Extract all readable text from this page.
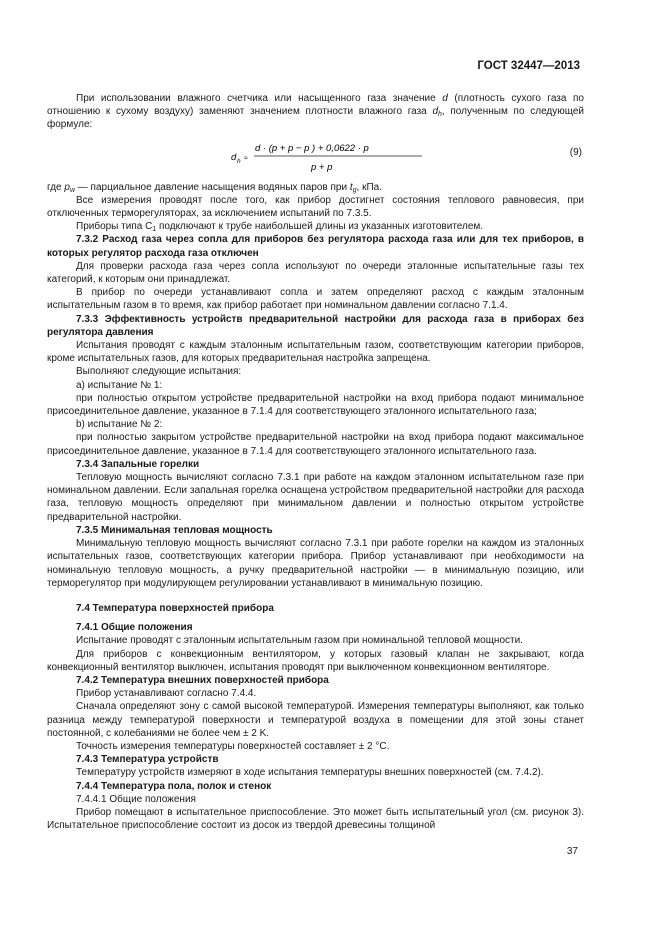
ГОСТ 32447—2013

При использовании влажного счетчика или насыщенного газа значение d (плотность сухого газа по отношению к сухому воздуху) заменяют значением плотности влажного газа $d_h$, полученным по следующей формуле:

d h ≈
d · (p + p − p ) + 0,0622 · p
p + p
(9)

где $p_w$ — парциальное давление насыщения водяных паров при $t_g$, кПа.

Все измерения проводят после того, как прибор достигнет состояния теплового равновесия, при отключенных терморегуляторах, за исключением испытаний по 7.3.5.

Приборы типа $C_1$ подключают к трубе наибольшей длины из указанных изготовителем.

7.3.2 Расход газа через сопла для приборов без регулятора расхода газа или для тех приборов, в которых регулятор расхода газа отключен

Для проверки расхода газа через сопла используют по очереди эталонные испытательные газы тех категорий, к которым они принадлежат.

В прибор по очереди устанавливают сопла и затем определяют расход с каждым эталонным испытательным газом в то время, как прибор работает при номинальном давлении согласно 7.1.4.

7.3.3 Эффективность устройств предварительной настройки для расхода газа в приборах без регулятора давления

Испытания проводят с каждым эталонным испытательным газом, соответствующим категории приборов, кроме испытательных газов, для которых предварительная настройка запрещена.

Выполняют следующие испытания:

a) испытание № 1:

при полностью открытом устройстве предварительной настройки на вход прибора подают минимальное присоединительное давление, указанное в 7.1.4 для соответствующего эталонного испытательного газа;

b) испытание № 2:

при полностью закрытом устройстве предварительной настройки на вход прибора подают максимальное присоединительное давление, указанное в 7.1.4 для соответствующего эталонного испытательного газа.

7.3.4 Запальные горелки

Тепловую мощность вычисляют согласно 7.3.1 при работе на каждом эталонном испытательном газе при номинальном давлении. Если запальная горелка оснащена устройством предварительной настройки для расхода газа, тепловую мощность определяют при минимальном давлении и полностью открытом устройстве предварительной настройки.

7.3.5 Минимальная тепловая мощность

Минимальную тепловую мощность вычисляют согласно 7.3.1 при работе горелки на каждом из эталонных испытательных газов, соответствующих категории прибора. Прибор устанавливают при необходимости на номинальную тепловую мощность, а ручку предварительной настройки — в минимальную позицию, или терморегулятор при модулирующем регулировании устанавливают в минимальную позицию.

7.4 Температура поверхностей прибора

7.4.1 Общие положения

Испытание проводят с эталонным испытательным газом при номинальной тепловой мощности.

Для приборов с конвекционным вентилятором, у которых газовый клапан не закрывают, когда конвекционный вентилятор выключен, испытания проводят при выключенном конвекционном вентиляторе.

7.4.2 Температура внешних поверхностей прибора

Прибор устанавливают согласно 7.4.4.

Сначала определяют зону с самой высокой температурой. Измерения температуры выполняют, как только разница между температурой поверхности и температурой воздуха в помещении для этой зоны станет постоянной, с колебаниями не более чем ± 2 K.

Точность измерения температуры поверхностей составляет ± 2 °C.

7.4.3 Температура устройств

Температуру устройств измеряют в ходе испытания температуры внешних поверхностей (см. 7.4.2).

7.4.4 Температура пола, полок и стенок

7.4.4.1 Общие положения

Прибор помещают в испытательное приспособление. Это может быть испытательный угол (см. рисунок 3). Испытательное приспособление состоит из досок из твердой древесины толщиной

37
